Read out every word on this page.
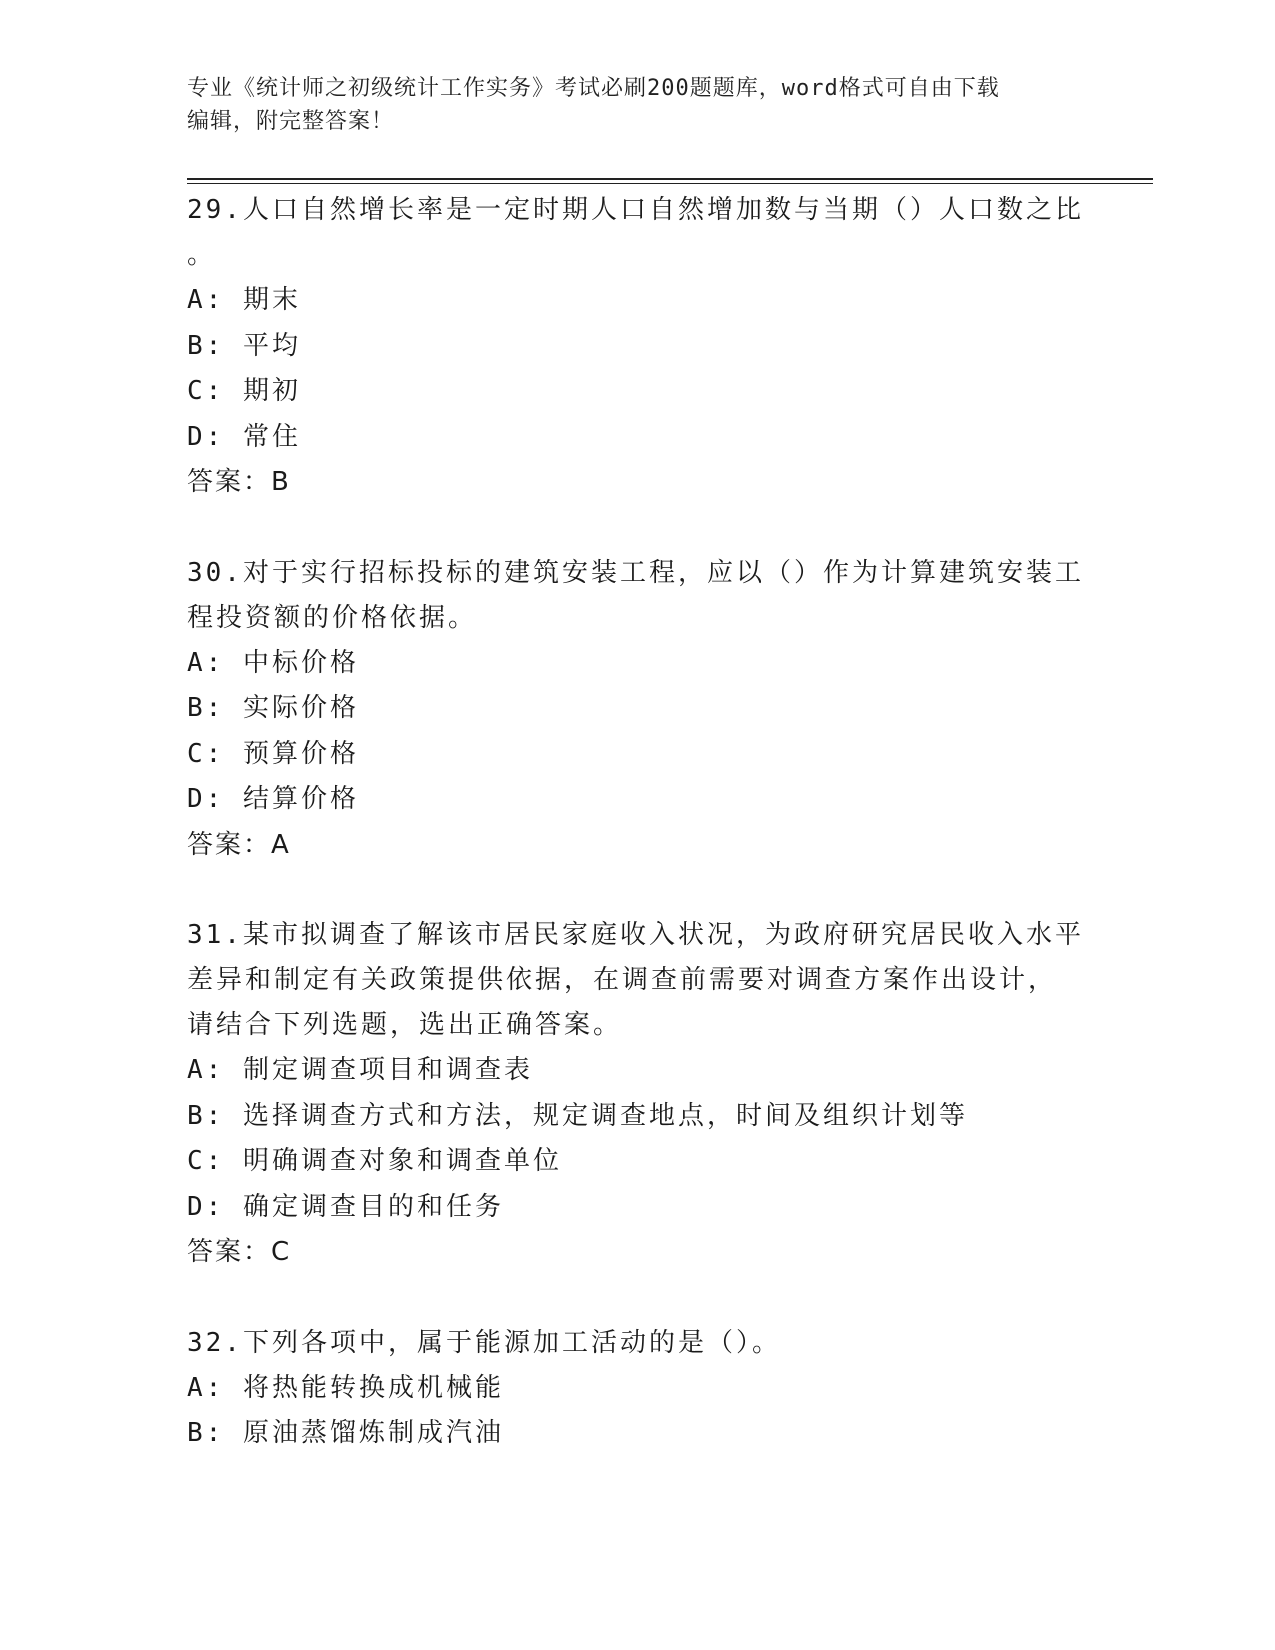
专业《统计师之初级统计工作实务》考试必刷200题题库，word格式可自由下载
编辑，附完整答案！

29.人口自然增长率是一定时期人口自然增加数与当期（）人口数之比

。

A: 期末

B: 平均

C: 期初

D: 常住

答案：B

30.对于实行招标投标的建筑安装工程，应以（）作为计算建筑安装工

程投资额的价格依据。

A: 中标价格

B: 实际价格

C: 预算价格

D: 结算价格

答案：A

31.某市拟调查了解该市居民家庭收入状况，为政府研究居民收入水平

差异和制定有关政策提供依据，在调查前需要对调查方案作出设计，

请结合下列选题，选出正确答案。

A: 制定调查项目和调查表

B: 选择调查方式和方法，规定调查地点，时间及组织计划等

C: 明确调查对象和调查单位

D: 确定调查目的和任务

答案：C

32.下列各项中，属于能源加工活动的是（）。

A: 将热能转换成机械能

B: 原油蒸馏炼制成汽油
